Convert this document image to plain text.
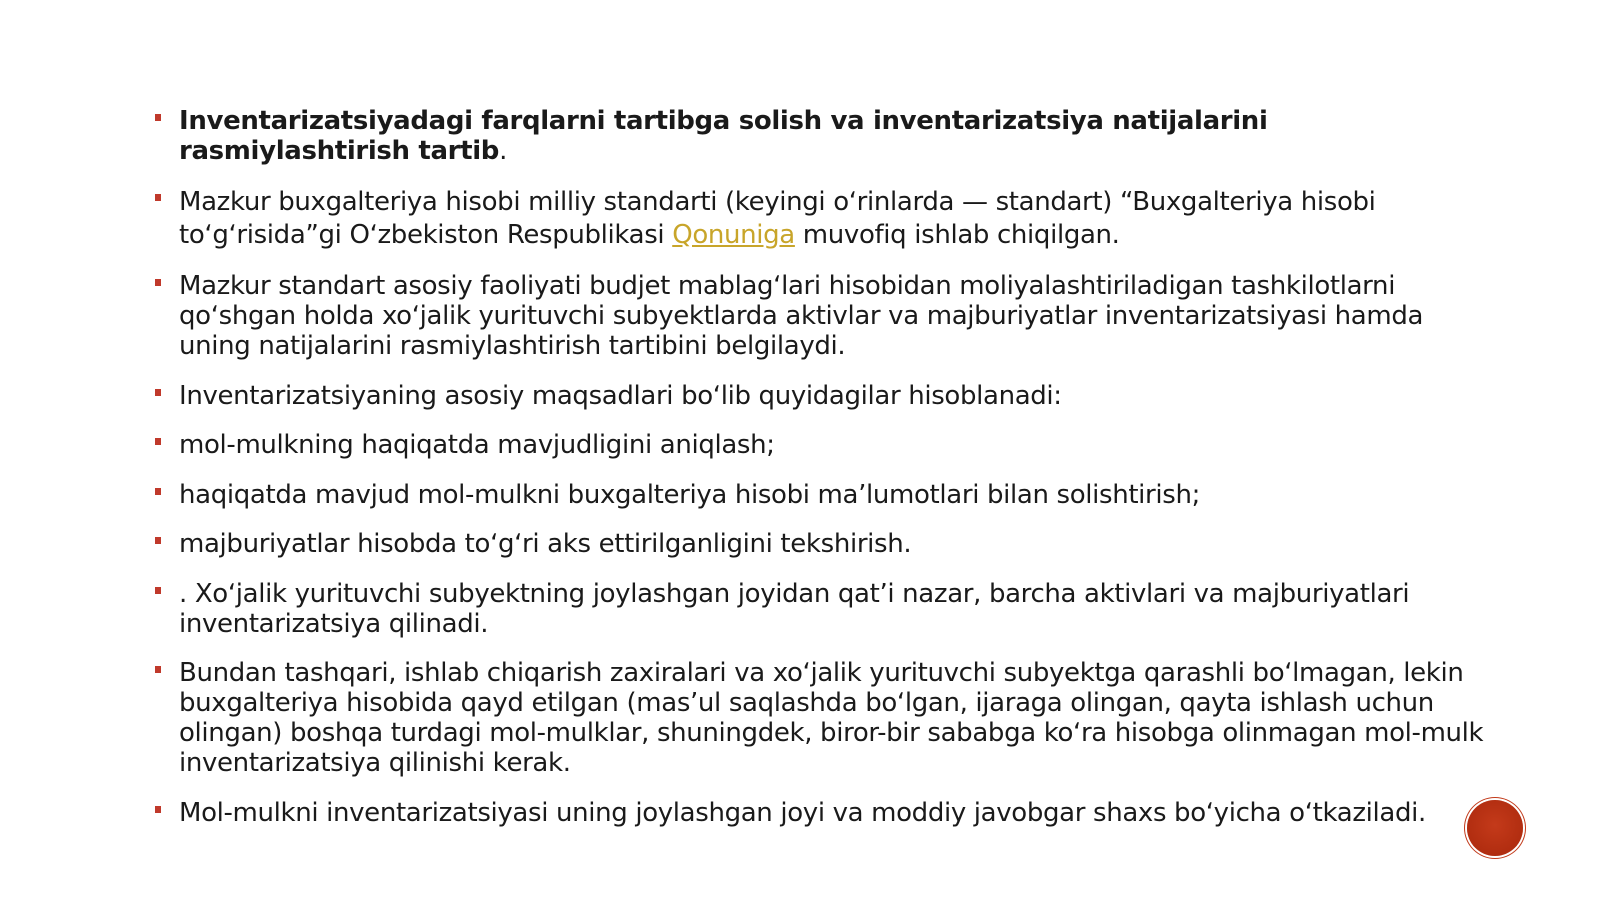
Inventarizatsiyadagi farqlarni tartibga solish va inventarizatsiya natijalarini rasmiylashtirish tartib.
Mazkur buxgalteriya hisobi milliy standarti (keyingi oʻrinlarda — standart) “Buxgalteriya hisobi toʻgʻrisida”gi Oʻzbekiston Respublikasi Qonuniga muvofiq ishlab chiqilgan.
Mazkur standart asosiy faoliyati budjet mablagʻlari hisobidan moliyalashtiriladigan tashkilotlarni qoʻshgan holda xoʻjalik yurituvchi subyektlarda aktivlar va majburiyatlar inventarizatsiyasi hamda uning natijalarini rasmiylashtirish tartibini belgilaydi.
Inventarizatsiyaning asosiy maqsadlari boʻlib quyidagilar hisoblanadi:
mol-mulkning haqiqatda mavjudligini aniqlash;
haqiqatda mavjud mol-mulkni buxgalteriya hisobi maʼlumotlari bilan solishtirish;
majburiyatlar hisobda toʻgʻri aks ettirilganligini tekshirish.
. Xoʻjalik yurituvchi subyektning joylashgan joyidan qatʼi nazar, barcha aktivlari va majburiyatlari inventarizatsiya qilinadi.
Bundan tashqari, ishlab chiqarish zaxiralari va xoʻjalik yurituvchi subyektga qarashli boʻlmagan, lekin buxgalteriya hisobida qayd etilgan (masʼul saqlashda boʻlgan, ijaraga olingan, qayta ishlash uchun olingan) boshqa turdagi mol-mulklar, shuningdek, biror-bir sababga koʻra hisobga olinmagan mol-mulk inventarizatsiya qilinishi kerak.
Mol-mulkni inventarizatsiyasi uning joylashgan joyi va moddiy javobgar shaxs boʻyicha oʻtkaziladi.
